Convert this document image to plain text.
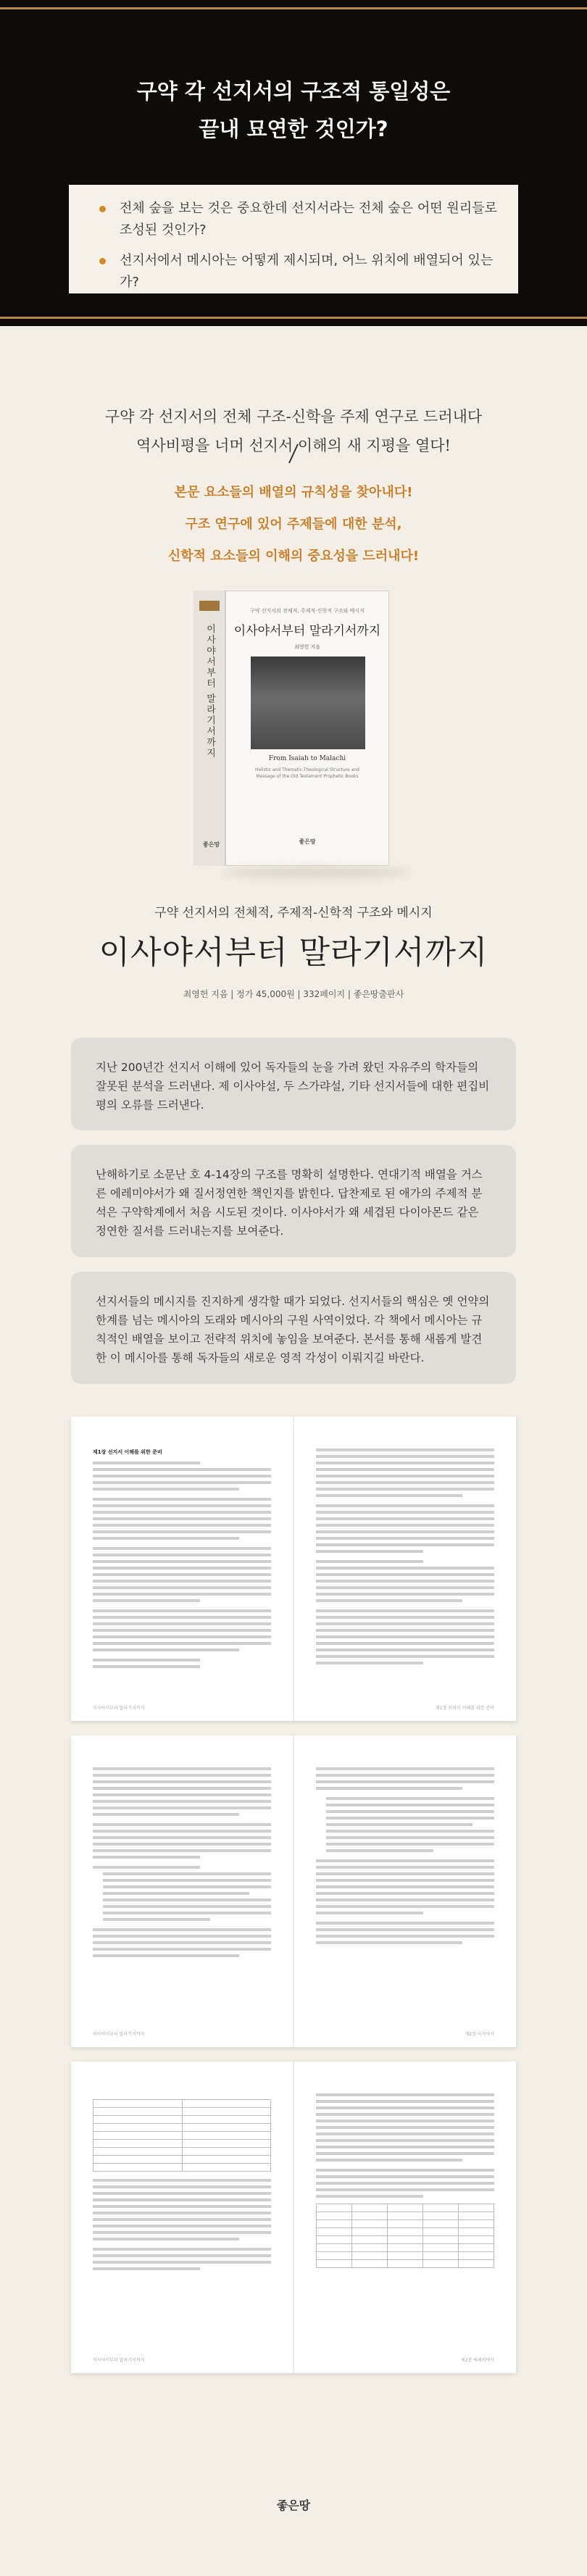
구약 각 선지서의 구조적 통일성은
끝내 묘연한 것인가?
전체 숲을 보는 것은 중요한데 선지서라는 전체 숲은 어떤 원리들로 조성된 것인가?
선지서에서 메시아는 어떻게 제시되며, 어느 위치에 배열되어 있는가?
구약 각 선지서의 전체 구조-신학을 주제 연구로 드러내다
역사비평을 너머 선지서 이해의 새 지평을 열다!
본문 요소들의 배열의 규칙성을 찾아내다!
구조 연구에 있어 주제들에 대한 분석,
신학적 요소들의 이해의 중요성을 드러내다!
이사야서부터 말라기서까지
좋은땅
구약 선지서의 전체적, 주제적-신학적 구조와 메시지
이사야서부터 말라기서까지
최영헌 지음
From Isaiah to Malachi
Holistic and Thematic-Theological Structure and Message of the Old Testament Prophetic Books
좋은땅
구약 선지서의 전체적, 주제적-신학적 구조와 메시지
이사야서부터 말라기서까지
최영헌 지음 | 정가 45,000원 | 332페이지 | 좋은땅출판사
지난 200년간 선지서 이해에 있어 독자들의 눈을 가려 왔던 자유주의 학자들의 잘못된 분석을 드러낸다. 제 이사야설, 두 스가랴설, 기타 선지서들에 대한 편집비평의 오류를 드러낸다.
난해하기로 소문난 호 4-14장의 구조를 명확히 설명한다. 연대기적 배열을 거스른 에레미야서가 왜 질서정연한 책인지를 밝힌다. 답찬제로 된 애가의 주제적 분석은 구약학계에서 처음 시도된 것이다. 이사야서가 왜 세겹된 다이아몬드 같은 정연한 질서를 드러내는지를 보여준다.
선지서들의 메시지를 진지하게 생각할 때가 되었다. 선지서들의 핵심은 옛 언약의 한계를 넘는 메시아의 도래와 메시아의 구원 사역이었다. 각 책에서 메시아는 규칙적인 배열을 보이고 전략적 위치에 놓임을 보여준다. 본서를 통해 새롭게 발견한 이 메시아를 통해 독자들의 새로운 영적 각성이 이뤄지길 바란다.
제1장 선지서 이해를 위한 준비
이사야서부터 말라기서까지	제1장 선지서 이해를 위한 준비
이사야서부터 말라기서까지	제2장 이사야서

이사야서부터 말라기서까지

					제3장 에레미야서
좋은땅
